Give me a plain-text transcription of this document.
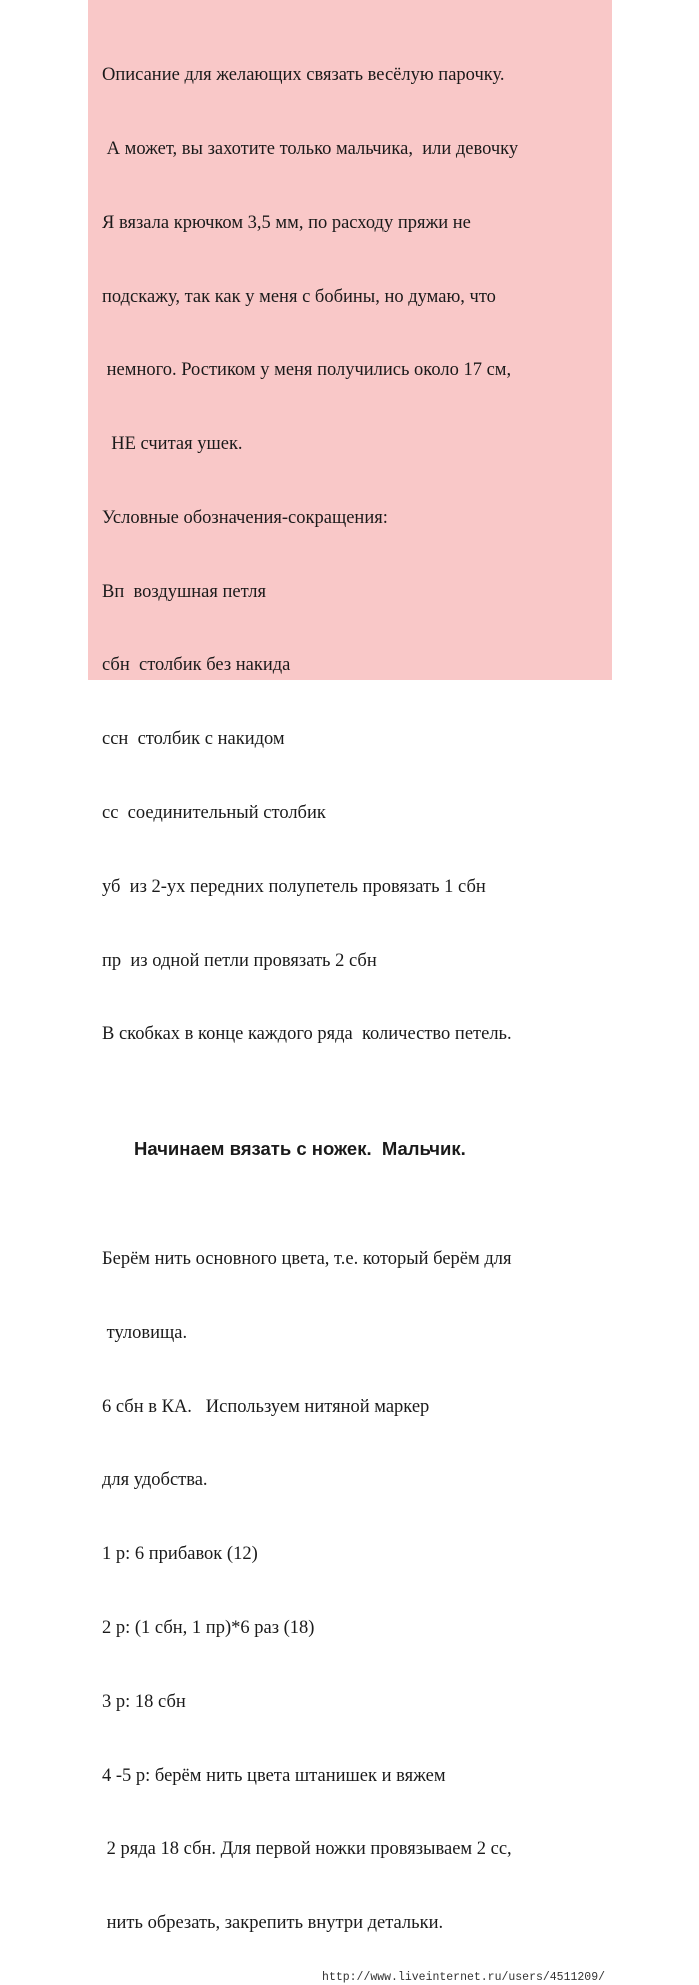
Описание для желающих связать весёлую парочку.

А может, вы захотите только мальчика,  или девочку

Я вязала крючком 3,5 мм, по расходу пряжи не

подскажу, так как у меня с бобины, но думаю, что

немного. Ростиком у меня получились около 17 см,

НЕ считая ушек.

Условные обозначения-сокращения:

Вп  воздушная петля

сбн  столбик без накида

ссн  столбик с накидом

сс  соединительный столбик

уб  из 2-ух передних полупетель провязать 1 сбн

пр  из одной петли провязать 2 сбн

В скобках в конце каждого ряда  количество петель.

Начинаем вязать с ножек.  Мальчик.

Берём нить основного цвета, т.е. который берём для

туловища.

6 сбн в КА.   Используем нитяной маркер

для удобства.

1 р: 6 прибавок (12)

2 р: (1 сбн, 1 пр)*6 раз (18)

3 р: 18 сбн

4 -5 р: берём нить цвета штанишек и вяжем

2 ряда 18 сбн. Для первой ножки провязываем 2 сс,

нить обрезать, закрепить внутри детальки.

http://www.liveinternet.ru/users/4511209/
